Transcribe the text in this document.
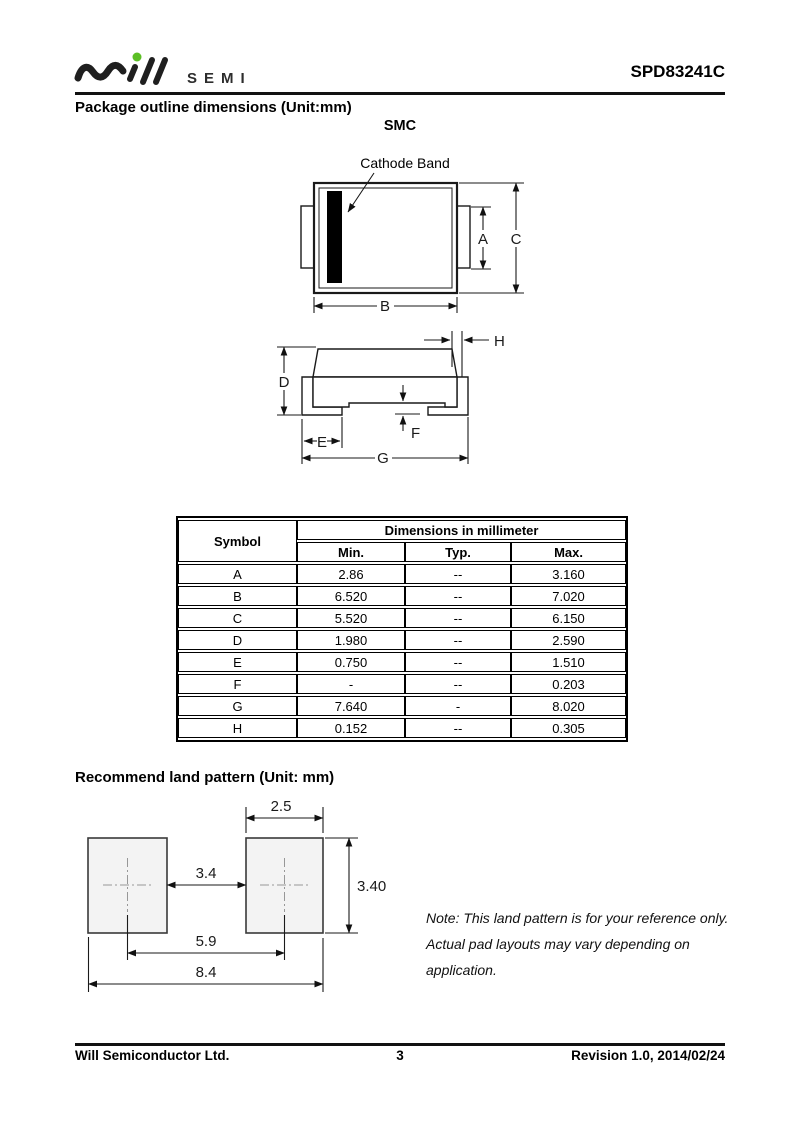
SEMI	SPD83241C
Package outline dimensions (Unit:mm)
SMC
Cathode Band
A C
B
D
H
E
F
G
Symbol	Dimensions in millimeter		
	Min.	Typ.	Max.
A	2.86	--	3.160
B	6.520	--	7.020
C	5.520	--	6.150
D	1.980	--	2.590
E	0.750	--	1.510
F	-	--	0.203
G	7.640	-	8.020
H	0.152	--	0.305
Recommend land pattern (Unit: mm)
2.5
3.4
3.40
5.9
8.4
Note: This land pattern is for your reference only.
Actual pad layouts may vary depending on application.
Will Semiconductor Ltd.	3	Revision 1.0, 2014/02/24
